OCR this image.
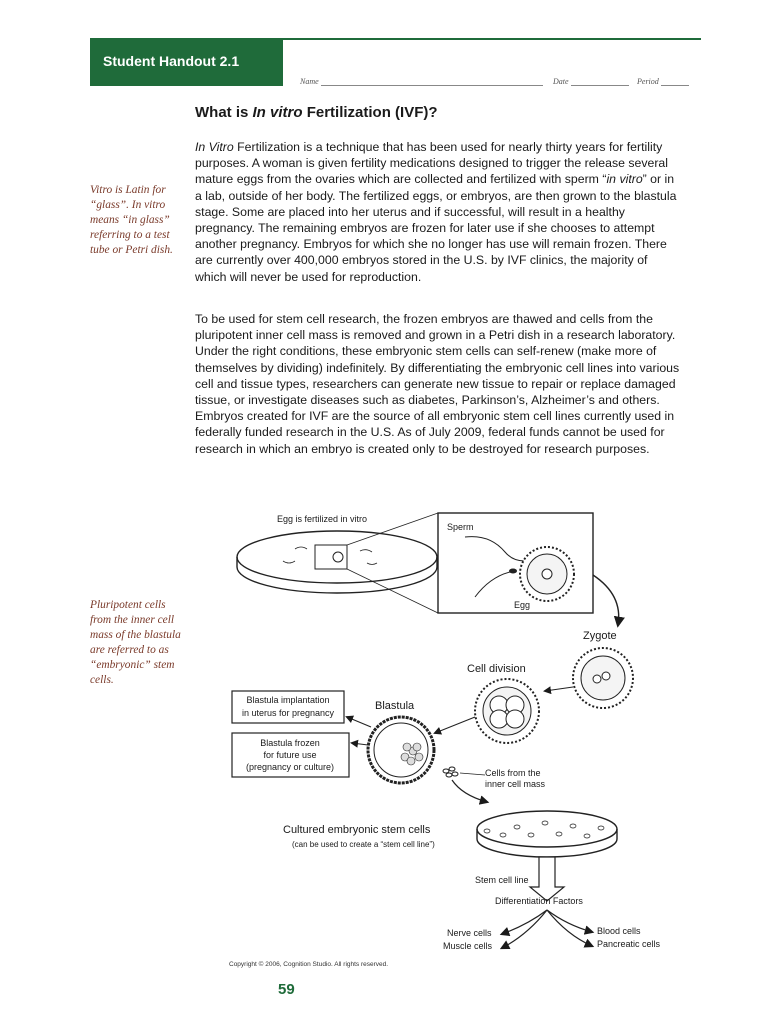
Student Handout 2.1
Name	Date	Period
What is In vitro Fertilization (IVF)?

In Vitro Fertilization is a technique that has been used for nearly thirty years for fertility purposes. A woman is given fertility medications designed to trigger the release several mature eggs from the ovaries which are collected and fertilized with sperm “in vitro” or in a lab, outside of her body. The fertilized eggs, or embryos, are then grown to the blastula stage. Some are placed into her uterus and if successful, will result in a healthy pregnancy. The remaining embryos are frozen for later use if she chooses to attempt another pregnancy. Embryos for which she no longer has use will remain frozen. There are currently over 400,000 embryos stored in the U.S. by IVF clinics, the majority of which will never be used for reproduction.

To be used for stem cell research, the frozen embryos are thawed and cells from the pluripotent inner cell mass is removed and grown in a Petri dish in a research laboratory. Under the right conditions, these embryonic stem cells can self-renew (make more of themselves by dividing) indefinitely. By differentiating the embryonic cell lines into various cell and tissue types, researchers can generate new tissue to repair or replace damaged tissue, or investigate diseases such as diabetes, Parkinson’s, Alzheimer’s and others. Embryos created for IVF are the source of all embryonic stem cell lines currently used in federally funded research in the U.S. As of July 2009, federal funds cannot be used for research in which an embryo is created only to be destroyed for research purposes.

Vitro is Latin for “glass”. In vitro means “in glass” referring to a test tube or Petri dish.
Pluripotent cells from the inner cell mass of the blastula are referred to as “embryonic” stem cells.
Egg is fertilized in vitro
Sperm
Egg
Zygote
Cell division
Blastula
Blastula implantation
in uterus for pregnancy
Blastula frozen
for future use
(pregnancy or culture)
Cells from the
inner cell mass
Cultured embryonic stem cells
(can be used to create a “stem cell line”)
Stem cell line
Differentiation Factors
Nerve cells
Muscle cells
Blood cells
Pancreatic cells
Copyright © 2006, Cognition Studio. All rights reserved.
59
